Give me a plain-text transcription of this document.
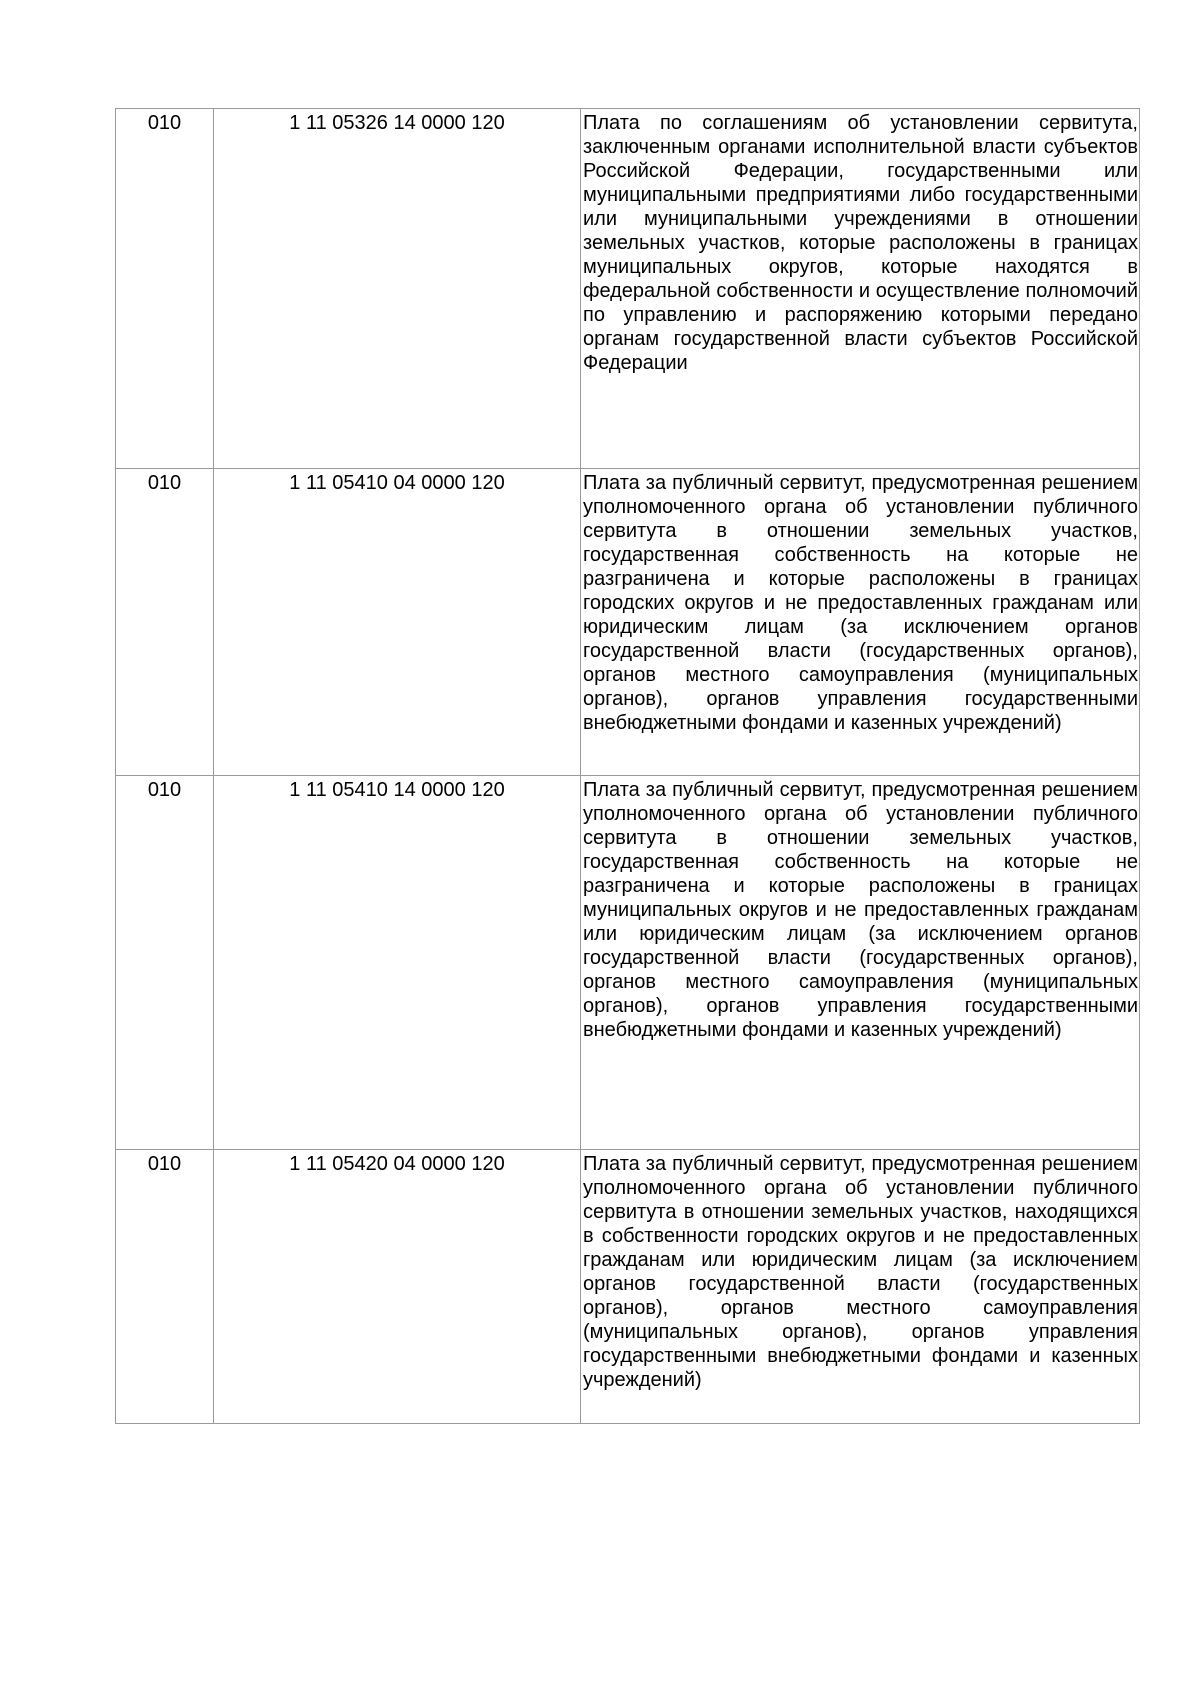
010	1 11 05326 14 0000 120	Плата по соглашениям об установлении сервитута, заключенным органами исполнительной власти субъектов Российской Федерации, государственными или муниципальными предприятиями либо государственными или муниципальными учреждениями в отношении земельных участков, которые расположены в границах муниципальных округов, которые находятся в федеральной собственности и осуществление полномочий по управлению и распоряжению которыми передано органам государственной власти субъектов Российской Федерации
010	1 11 05410 04 0000 120	Плата за публичный сервитут, предусмотренная решением уполномоченного органа об установлении публичного сервитута в отношении земельных участков, государственная собственность на которые не разграничена и которые расположены в границах городских округов и не предоставленных гражданам или юридическим лицам (за исключением органов государственной власти (государственных органов), органов местного самоуправления (муниципальных органов), органов управления государственными внебюджетными фондами и казенных учреждений)
010	1 11 05410 14 0000 120	Плата за публичный сервитут, предусмотренная решением уполномоченного органа об установлении публичного сервитута в отношении земельных участков, государственная собственность на которые не разграничена и которые расположены в границах муниципальных округов и не предоставленных гражданам или юридическим лицам (за исключением органов государственной власти (государственных органов), органов местного самоуправления (муниципальных органов), органов управления государственными внебюджетными фондами и казенных учреждений)
010	1 11 05420 04 0000 120	Плата за публичный сервитут, предусмотренная решением уполномоченного органа об установлении публичного сервитута в отношении земельных участков, находящихся в собственности городских округов и не предоставленных гражданам или юридическим лицам (за исключением органов государственной власти (государственных органов), органов местного самоуправления (муниципальных органов), органов управления государственными внебюджетными фондами и казенных учреждений)
